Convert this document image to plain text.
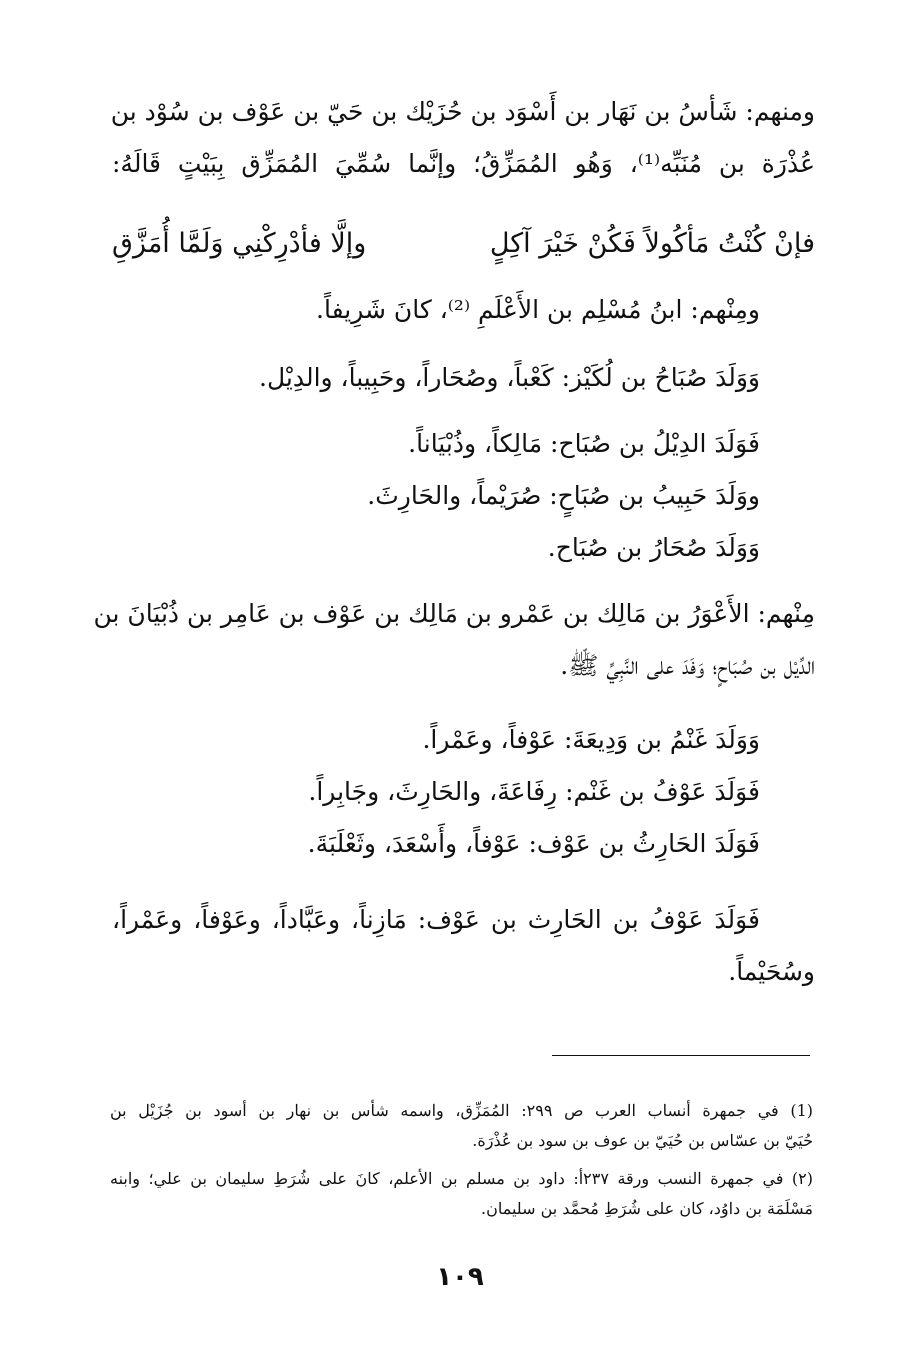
ومنهم: شَأسُ بن نَهَار بن أَسْوَد بن حُزَيْك بن حَيّ بن عَوْف بن سُوْد بن
عُذْرَة بن مُنَبِّه⁽¹⁾، وَهُو المُمَزِّقُ؛ وإنَّما سُمِّيَ المُمَزِّق بِبَيْتٍ قَالَهُ:
فإنْ كُنْتُ مَأكُولاً فَكُنْ خَيْرَ آكِلٍ
وإلَّا فأدْرِكْنِي وَلَمَّا أُمَزَّقِ
ومِنْهم: ابنُ مُسْلِم بن الأَعْلَمِ ⁽²⁾، كانَ شَرِيفاً.
وَوَلَدَ صُبَاحُ بن لُكَيْز: كَعْباً، وصُحَاراً، وحَبِيباً، والدِيْل.
فَوَلَدَ الدِيْلُ بن صُبَاح: مَالِكاً، وذُبْيَاناً.
ووَلَدَ حَبِيبُ بن صُبَاحٍ: صُرَيْماً، والحَارِثَ.
وَوَلَدَ صُحَارُ بن صُبَاح.
مِنْهم: الأَعْوَرُ بن مَالِك بن عَمْرو بن مَالِك بن عَوْف بن عَامِر بن ذُبْيَانَ بن
الدِّيْل بن صُبَاحٍ؛ وَفَدَ على النَّبِيِّ ﷺ.
وَوَلَدَ غَنْمُ بن وَدِيعَةَ: عَوْفاً، وعَمْراً.
فَوَلَدَ عَوْفُ بن غَنْم: رِفَاعَةَ، والحَارِثَ، وجَابِراً.
فَوَلَدَ الحَارِثُ بن عَوْف: عَوْفاً، وأَسْعَدَ، وثَعْلَبَةَ.
فَوَلَدَ عَوْفُ بن الحَارِث بن عَوْف: مَازِناً، وعَبَّاداً، وعَوْفاً، وعَمْراً،
وسُحَيْماً.
(1) في جمهرة أنساب العرب ص ٢٩٩: المُمَزِّق، واسمه شأس بن نهار بن أسود بن جُزَيْل بن
حُيَيّ بن عسّاس بن حُيَيّ بن عوف بن سود بن عُذْرَة.
(٢) في جمهرة النسب ورقة ٢٣٧أ: داود بن مسلم بن الأعلم، كانَ على شُرَطِ سليمان بن علي؛ وابنه
مَسْلَمَة بن داوُد، كان على شُرَطِ مُحمَّد بن سليمان.
١٠٩
